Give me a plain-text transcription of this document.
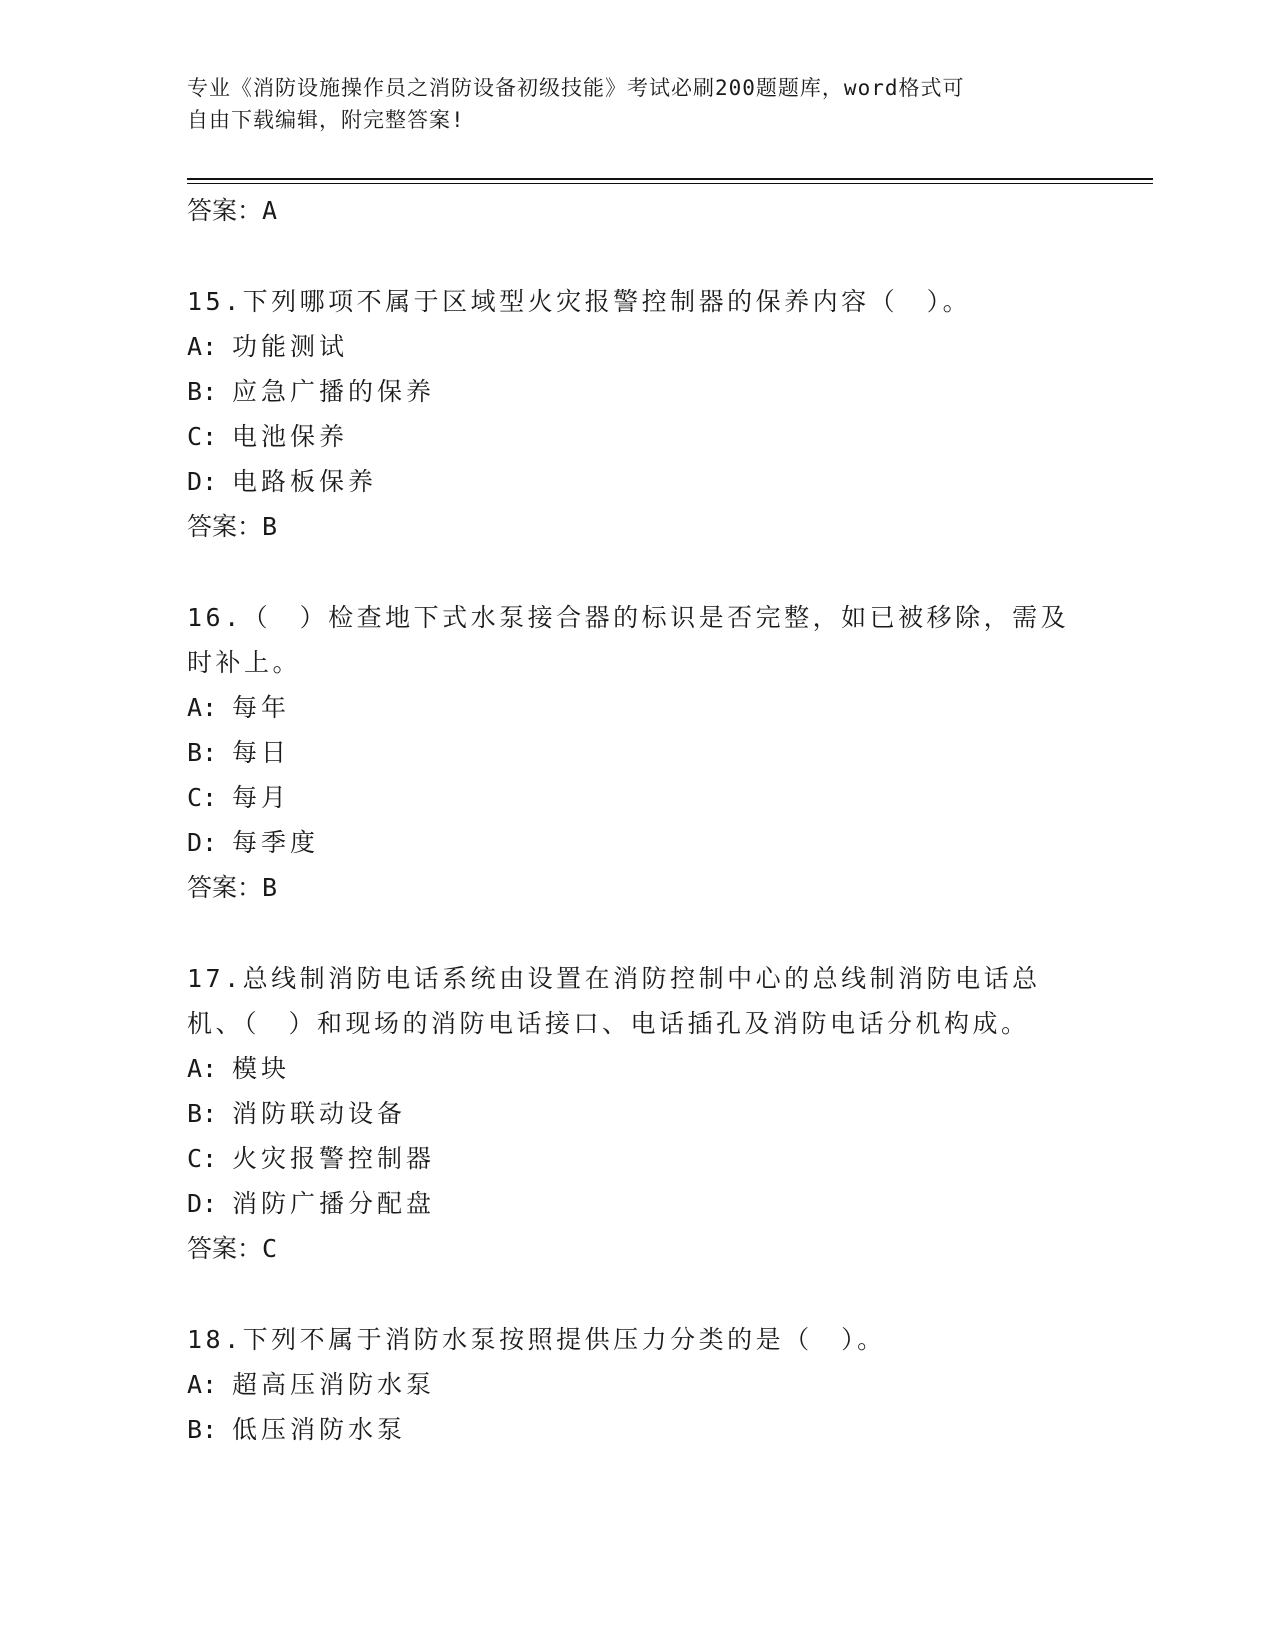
专业《消防设施操作员之消防设备初级技能》考试必刷200题题库，word格式可
自由下载编辑，附完整答案!
答案：A
15.下列哪项不属于区域型火灾报警控制器的保养内容（　）。
A: 功能测试
B: 应急广播的保养
C: 电池保养
D: 电路板保养
答案：B
16.（　）检查地下式水泵接合器的标识是否完整，如已被移除，需及时补上。
A: 每年
B: 每日
C: 每月
D: 每季度
答案：B
17.总线制消防电话系统由设置在消防控制中心的总线制消防电话总机、（　）和现场的消防电话接口、电话插孔及消防电话分机构成。
A: 模块
B: 消防联动设备
C: 火灾报警控制器
D: 消防广播分配盘
答案：C
18.下列不属于消防水泵按照提供压力分类的是（　）。
A: 超高压消防水泵
B: 低压消防水泵
